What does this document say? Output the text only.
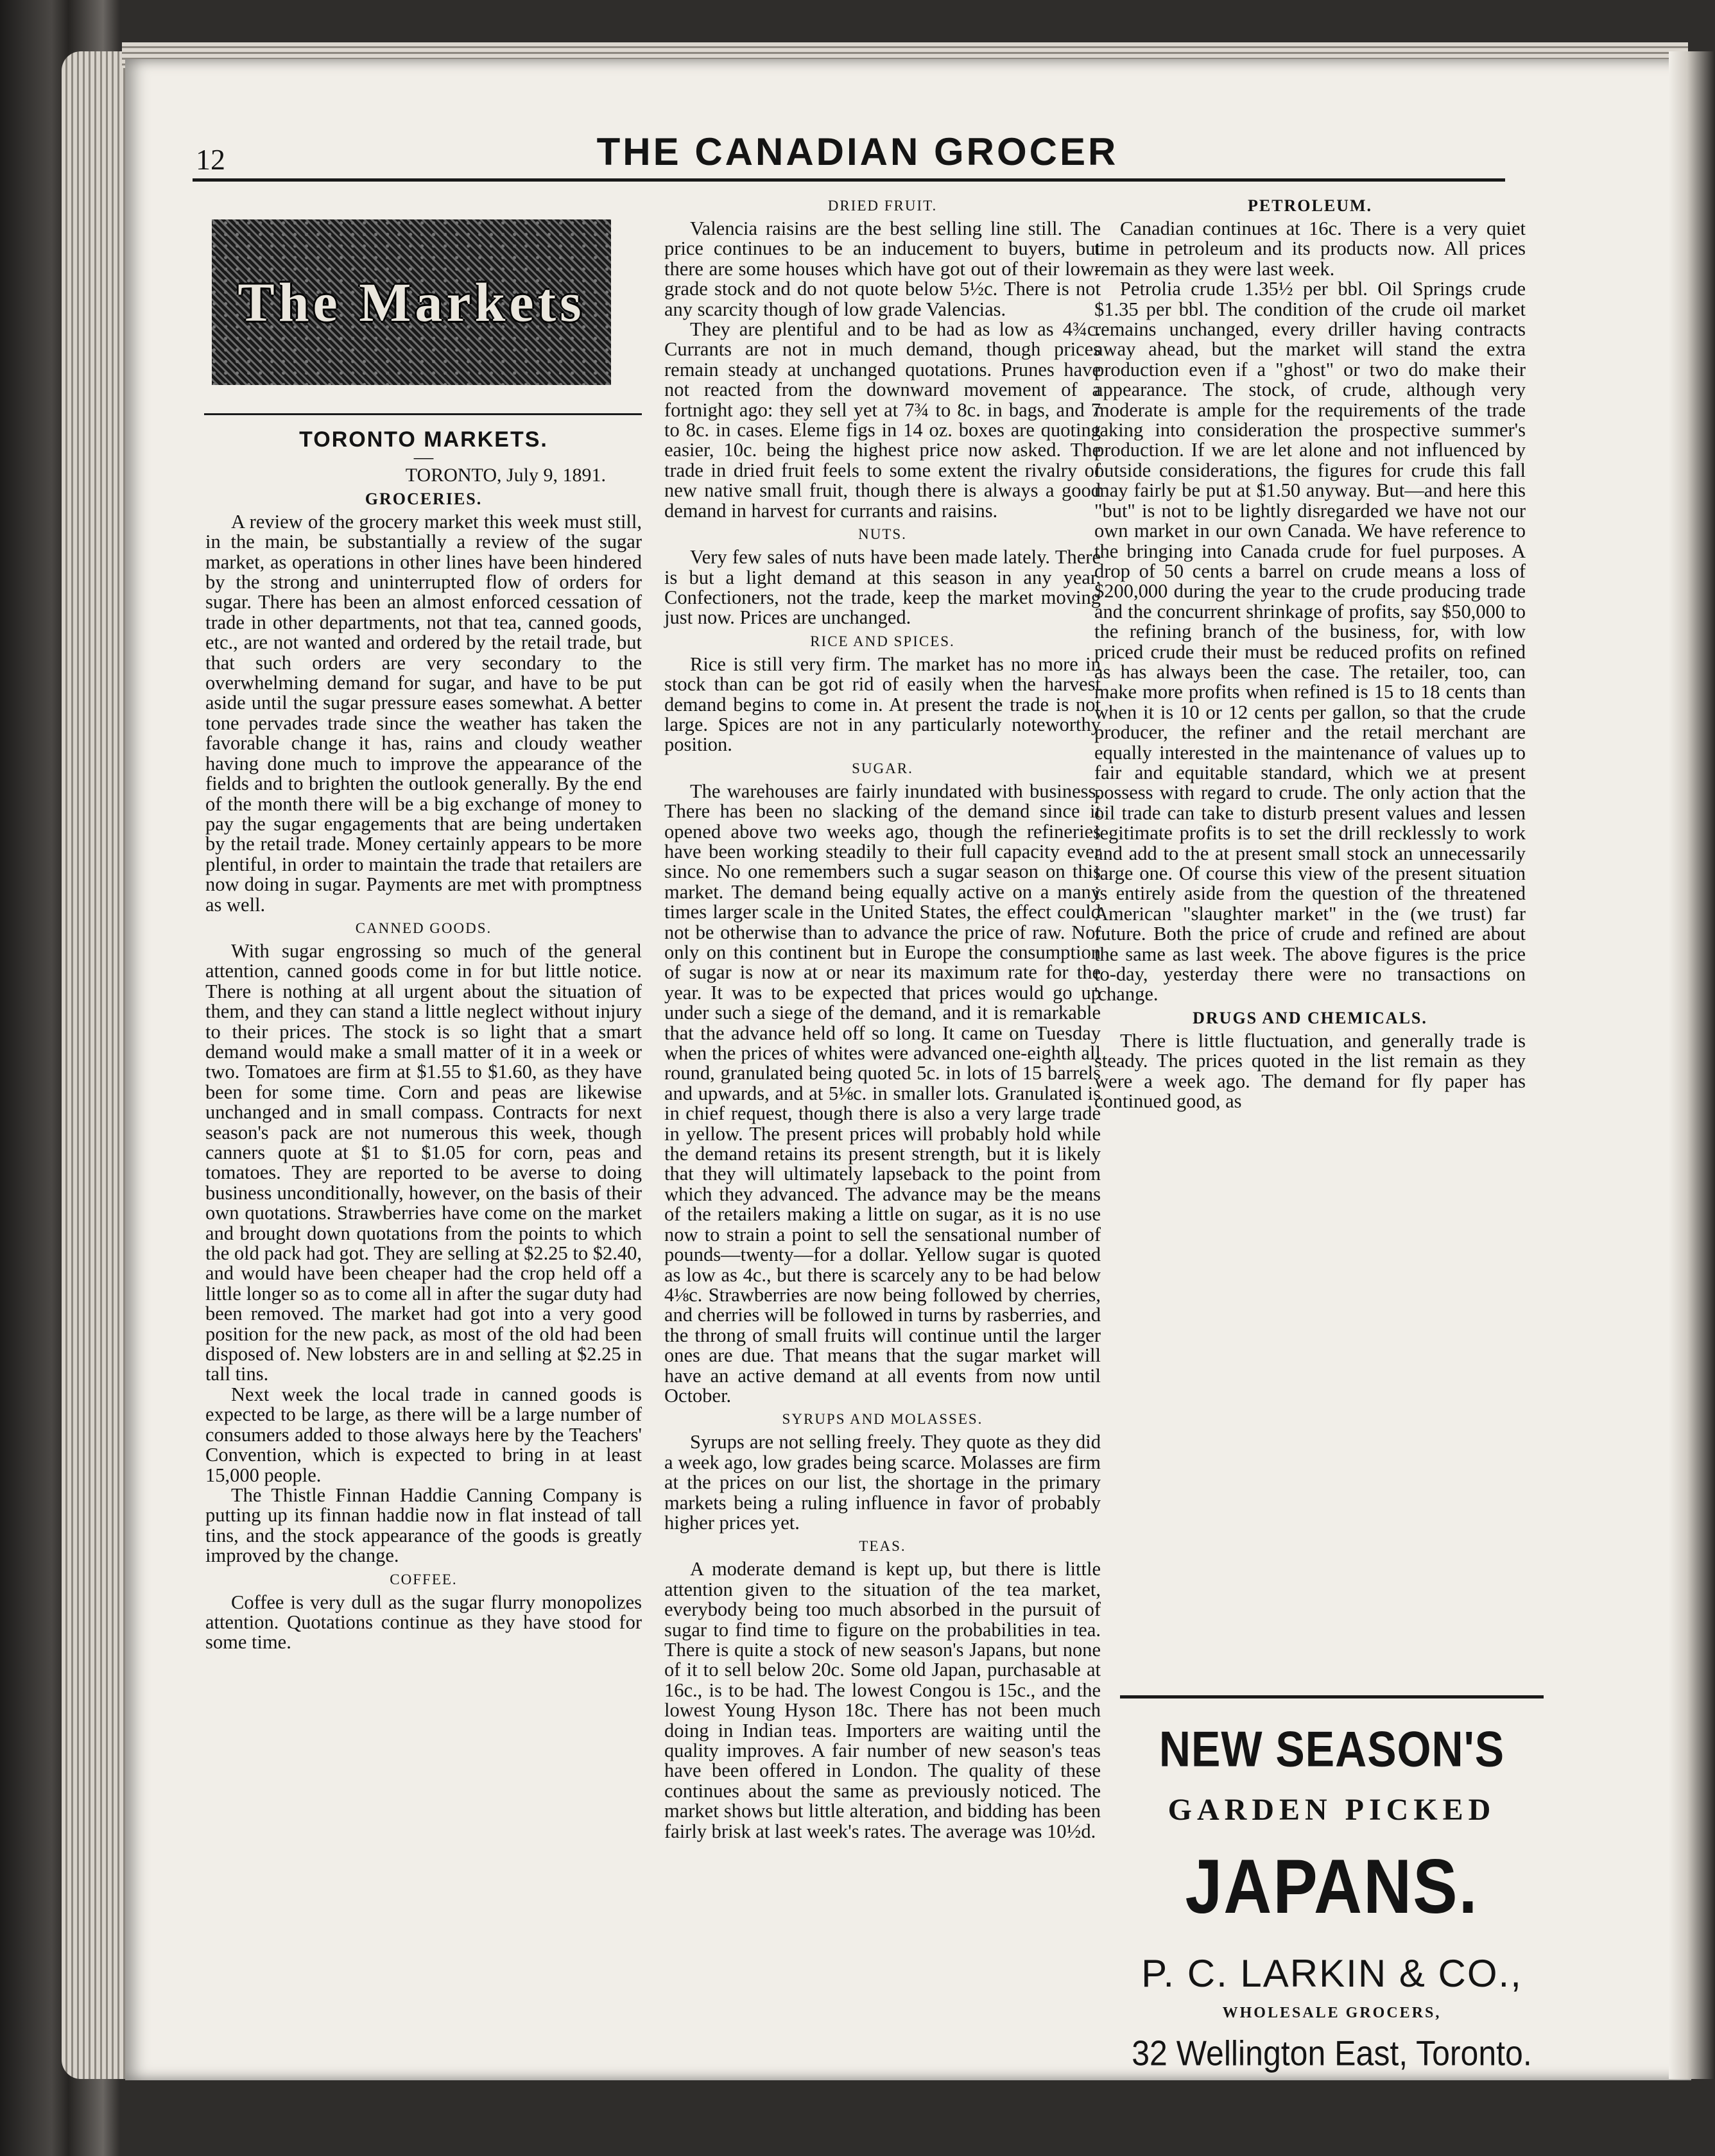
12	THE CANADIAN GROCER
The Markets
TORONTO MARKETS.
—
TORONTO, July 9, 1891.
GROCERIES.

A review of the grocery market this week must still, in the main, be substantially a review of the sugar market, as operations in other lines have been hindered by the strong and uninterrupted flow of orders for sugar. There has been an almost enforced cessation of trade in other departments, not that tea, canned goods, etc., are not wanted and ordered by the retail trade, but that such orders are very secondary to the overwhelming demand for sugar, and have to be put aside until the sugar pressure eases somewhat. A better tone pervades trade since the weather has taken the favorable change it has, rains and cloudy weather having done much to improve the appearance of the fields and to brighten the outlook generally. By the end of the month there will be a big exchange of money to pay the sugar engagements that are being undertaken by the retail trade. Money certainly appears to be more plentiful, in order to maintain the trade that retailers are now doing in sugar. Payments are met with promptness as well.

CANNED GOODS.

With sugar engrossing so much of the general attention, canned goods come in for but little notice. There is nothing at all urgent about the situation of them, and they can stand a little neglect without injury to their prices. The stock is so light that a smart demand would make a small matter of it in a week or two. Tomatoes are firm at $1.55 to $1.60, as they have been for some time. Corn and peas are likewise unchanged and in small compass. Contracts for next season's pack are not numerous this week, though canners quote at $1 to $1.05 for corn, peas and tomatoes. They are reported to be averse to doing business unconditionally, however, on the basis of their own quotations. Strawberries have come on the market and brought down quotations from the points to which the old pack had got. They are selling at $2.25 to $2.40, and would have been cheaper had the crop held off a little longer so as to come all in after the sugar duty had been removed. The market had got into a very good position for the new pack, as most of the old had been disposed of. New lobsters are in and selling at $2.25 in tall tins.

Next week the local trade in canned goods is expected to be large, as there will be a large number of consumers added to those always here by the Teachers' Convention, which is expected to bring in at least 15,000 people.

The Thistle Finnan Haddie Canning Company is putting up its finnan haddie now in flat instead of tall tins, and the stock appearance of the goods is greatly improved by the change.

COFFEE.

Coffee is very dull as the sugar flurry monopolizes attention. Quotations continue as they have stood for some time.

DRIED FRUIT.

Valencia raisins are the best selling line still. The price continues to be an inducement to buyers, but there are some houses which have got out of their low-grade stock and do not quote below 5½c. There is not any scarcity though of low grade Valencias.

They are plentiful and to be had as low as 4¾c. Currants are not in much demand, though prices remain steady at unchanged quotations. Prunes have not reacted from the downward movement of a fortnight ago: they sell yet at 7¾ to 8c. in bags, and 7 to 8c. in cases. Eleme figs in 14 oz. boxes are quoting easier, 10c. being the highest price now asked. The trade in dried fruit feels to some extent the rivalry of new native small fruit, though there is always a good demand in harvest for currants and raisins.

NUTS.

Very few sales of nuts have been made lately. There is but a light demand at this season in any year. Confectioners, not the trade, keep the market moving just now. Prices are unchanged.

RICE AND SPICES.

Rice is still very firm. The market has no more in stock than can be got rid of easily when the harvest demand begins to come in. At present the trade is not large. Spices are not in any particularly noteworthy position.

SUGAR.

The warehouses are fairly inundated with business. There has been no slacking of the demand since it opened above two weeks ago, though the refineries have been working steadily to their full capacity ever since. No one remembers such a sugar season on this market. The demand being equally active on a many times larger scale in the United States, the effect could not be otherwise than to advance the price of raw. Not only on this continent but in Europe the consumption of sugar is now at or near its maximum rate for the year. It was to be expected that prices would go up under such a siege of the demand, and it is remarkable that the advance held off so long. It came on Tuesday when the prices of whites were advanced one-eighth all round, granulated being quoted 5c. in lots of 15 barrels and upwards, and at 5⅛c. in smaller lots. Granulated is in chief request, though there is also a very large trade in yellow. The present prices will probably hold while the demand retains its present strength, but it is likely that they will ultimately lapseback to the point from which they advanced. The advance may be the means of the retailers making a little on sugar, as it is no use now to strain a point to sell the sensational number of pounds—twenty—for a dollar. Yellow sugar is quoted as low as 4c., but there is scarcely any to be had below 4⅛c. Strawberries are now being followed by cherries, and cherries will be followed in turns by rasberries, and the throng of small fruits will continue until the larger ones are due. That means that the sugar market will have an active demand at all events from now until October.

SYRUPS AND MOLASSES.

Syrups are not selling freely. They quote as they did a week ago, low grades being scarce. Molasses are firm at the prices on our list, the shortage in the primary markets being a ruling influence in favor of probably higher prices yet.

TEAS.

A moderate demand is kept up, but there is little attention given to the situation of the tea market, everybody being too much absorbed in the pursuit of sugar to find time to figure on the probabilities in tea. There is quite a stock of new season's Japans, but none of it to sell below 20c. Some old Japan, purchasable at 16c., is to be had. The lowest Congou is 15c., and the lowest Young Hyson 18c. There has not been much doing in Indian teas. Importers are waiting until the quality improves. A fair number of new season's teas have been offered in London. The quality of these continues about the same as previously noticed. The market shows but little alteration, and bidding has been fairly brisk at last week's rates. The average was 10½d.

PETROLEUM.

Canadian continues at 16c. There is a very quiet time in petroleum and its products now. All prices remain as they were last week.

Petrolia crude 1.35½ per bbl. Oil Springs crude $1.35 per bbl. The condition of the crude oil market remains unchanged, every driller having contracts away ahead, but the market will stand the extra production even if a "ghost" or two do make their appearance. The stock, of crude, although very moderate is ample for the requirements of the trade taking into consideration the prospective summer's production. If we are let alone and not influenced by outside considerations, the figures for crude this fall may fairly be put at $1.50 anyway. But—and here this "but" is not to be lightly disregarded we have not our own market in our own Canada. We have reference to the bringing into Canada crude for fuel purposes. A drop of 50 cents a barrel on crude means a loss of $200,000 during the year to the crude producing trade and the concurrent shrinkage of profits, say $50,000 to the refining branch of the business, for, with low priced crude their must be reduced profits on refined as has always been the case. The retailer, too, can make more profits when refined is 15 to 18 cents than when it is 10 or 12 cents per gallon, so that the crude producer, the refiner and the retail merchant are equally interested in the maintenance of values up to fair and equitable standard, which we at present possess with regard to crude. The only action that the oil trade can take to disturb present values and lessen legitimate profits is to set the drill recklessly to work and add to the at present small stock an unnecessarily large one. Of course this view of the present situation is entirely aside from the question of the threatened American "slaughter market" in the (we trust) far future. Both the price of crude and refined are about the same as last week. The above figures is the price to-day, yesterday there were no transactions on 'change.

DRUGS AND CHEMICALS.

There is little fluctuation, and generally trade is steady. The prices quoted in the list remain as they were a week ago. The demand for fly paper has continued good, as

NEW SEASON'S
GARDEN PICKED
JAPANS.
P. C. LARKIN & CO.,
WHOLESALE GROCERS,
32 Wellington East, Toronto.
